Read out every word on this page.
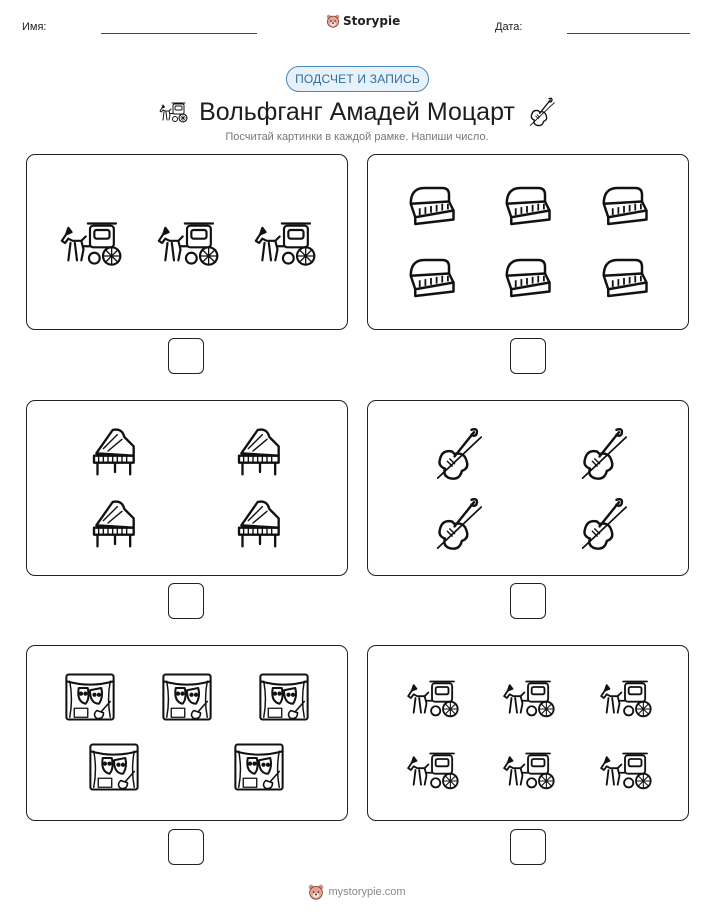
Имя:	Storypie	Дата:
ПОДСЧЕТ И ЗАПИСЬ
Вольфганг Амадей Моцарт
Посчитай картинки в каждой рамке. Напиши число.
mystorypie.com
